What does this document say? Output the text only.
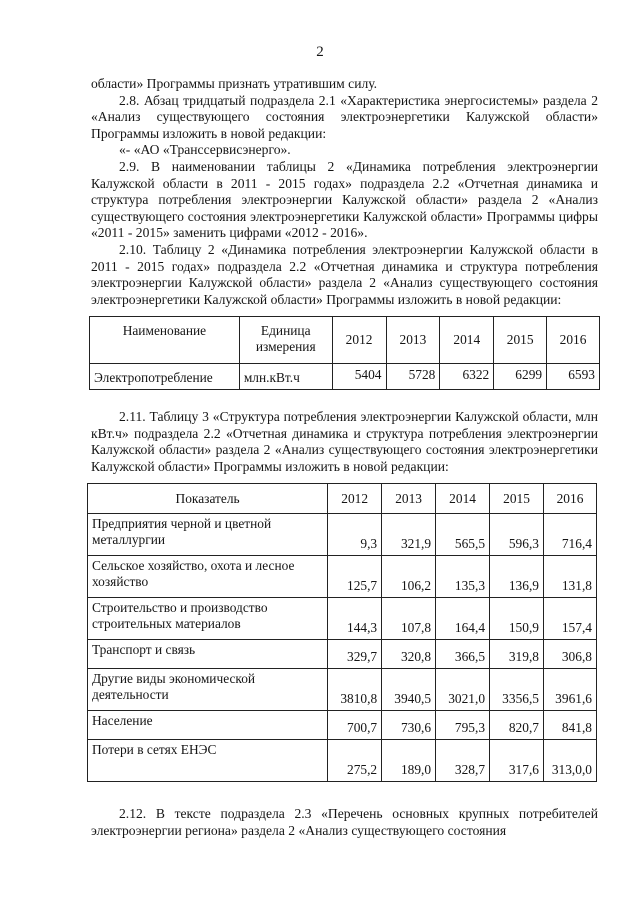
2

области» Программы признать утратившим силу.

2.8. Абзац тридцатый подраздела 2.1 «Характеристика энергосистемы» раздела 2 «Анализ существующего состояния электроэнергетики Калужской области» Программы изложить в новой редакции:

«- «АО «Транссервисэнерго».

2.9. В наименовании таблицы 2 «Динамика потребления электроэнергии Калужской области в 2011 - 2015 годах» подраздела 2.2 «Отчетная динамика и структура потребления электроэнергии Калужской области» раздела 2 «Анализ существующего состояния электроэнергетики Калужской области» Программы цифры «2011 - 2015» заменить цифрами «2012 - 2016».

2.10. Таблицу 2 «Динамика потребления электроэнергии Калужской области в 2011 - 2015 годах» подраздела 2.2 «Отчетная динамика и структура потребления электроэнергии Калужской области» раздела 2 «Анализ существующего состояния электроэнергетики Калужской области» Программы изложить в новой редакции:

Наименование	Единица измерения	2012	2013	2014	2015	2016
Электропотребление	млн.кВт.ч	5404	5728	6322	6299	6593

2.11. Таблицу 3 «Структура потребления электроэнергии Калужской области, млн кВт.ч» подраздела 2.2 «Отчетная динамика и структура потребления электроэнергии Калужской области» раздела 2 «Анализ существующего состояния электроэнергетики Калужской области» Программы изложить в новой редакции:

Показатель	2012	2013	2014	2015	2016
Предприятия черной и цветной металлургии	9,3	321,9	565,5	596,3	716,4
Сельское хозяйство, охота и лесное хозяйство	125,7	106,2	135,3	136,9	131,8
Строительство и производство строительных материалов	144,3	107,8	164,4	150,9	157,4
Транспорт и связь	329,7	320,8	366,5	319,8	306,8
Другие виды экономической деятельности	3810,8	3940,5	3021,0	3356,5	3961,6
Население	700,7	730,6	795,3	820,7	841,8
Потери в сетях ЕНЭС	275,2	189,0	328,7	317,6	313,0,0

2.12. В тексте подраздела 2.3 «Перечень основных крупных потребителей электроэнергии региона» раздела 2 «Анализ существующего состояния
